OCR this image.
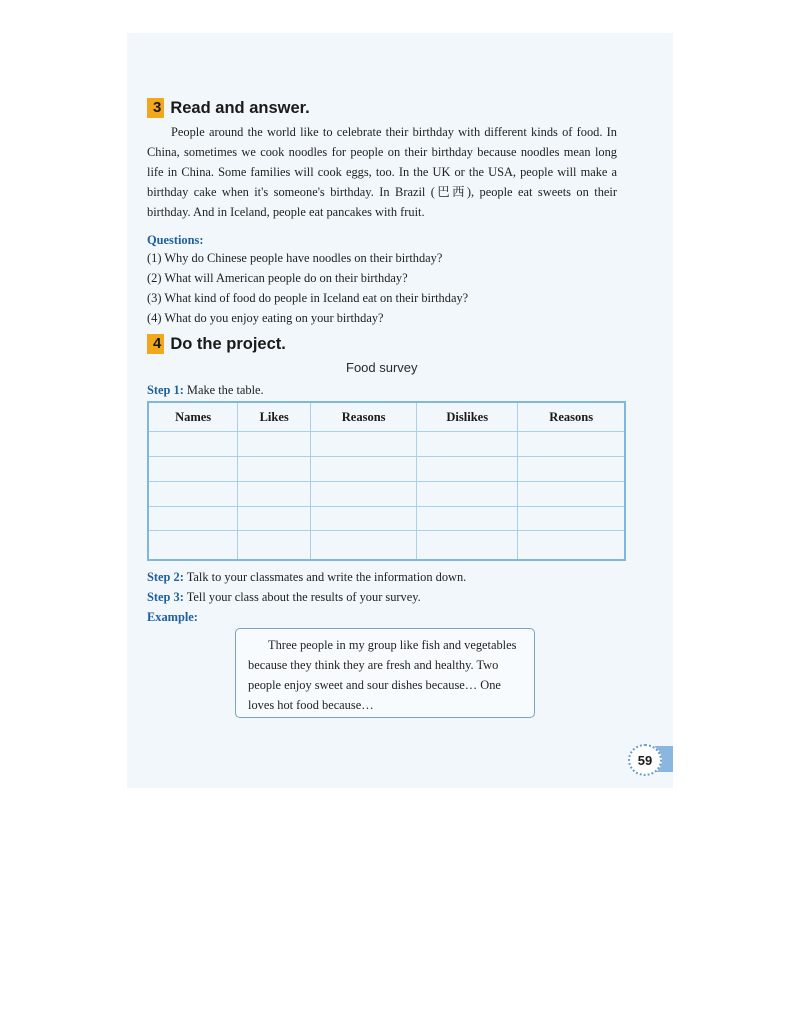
3 Read and answer.
People around the world like to celebrate their birthday with different kinds of food. In China, sometimes we cook noodles for people on their birthday because noodles mean long life in China. Some families will cook eggs, too. In the UK or the USA, people will make a birthday cake when it's someone's birthday. In Brazil (巴西), people eat sweets on their birthday. And in Iceland, people eat pancakes with fruit.
Questions:
(1) Why do Chinese people have noodles on their birthday?
(2) What will American people do on their birthday?
(3) What kind of food do people in Iceland eat on their birthday?
(4) What do you enjoy eating on your birthday?
4 Do the project.
Food survey
Step 1: Make the table.
Names	Likes	Reasons	Dislikes	Reasons

Step 2: Talk to your classmates and write the information down.
Step 3: Tell your class about the results of your survey.
Example:
Three people in my group like fish and vegetables because they think they are fresh and healthy. Two people enjoy sweet and sour dishes because… One loves hot food because…
59
